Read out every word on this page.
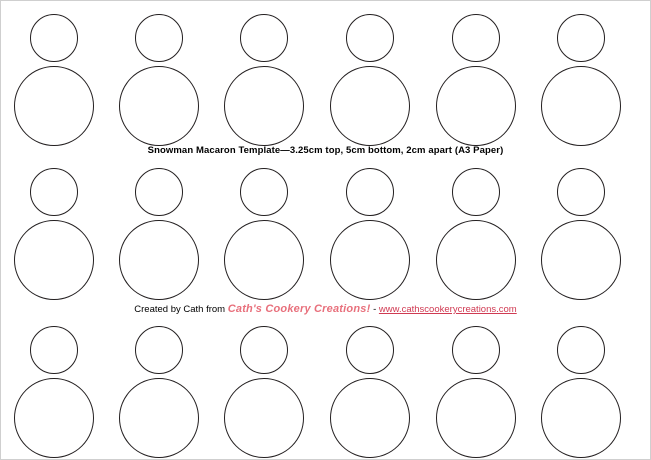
Snowman Macaron Template—3.25cm top, 5cm bottom, 2cm apart (A3 Paper)
Created by Cath from Cath's Cookery Creations! - www.cathscookerycreations.com
